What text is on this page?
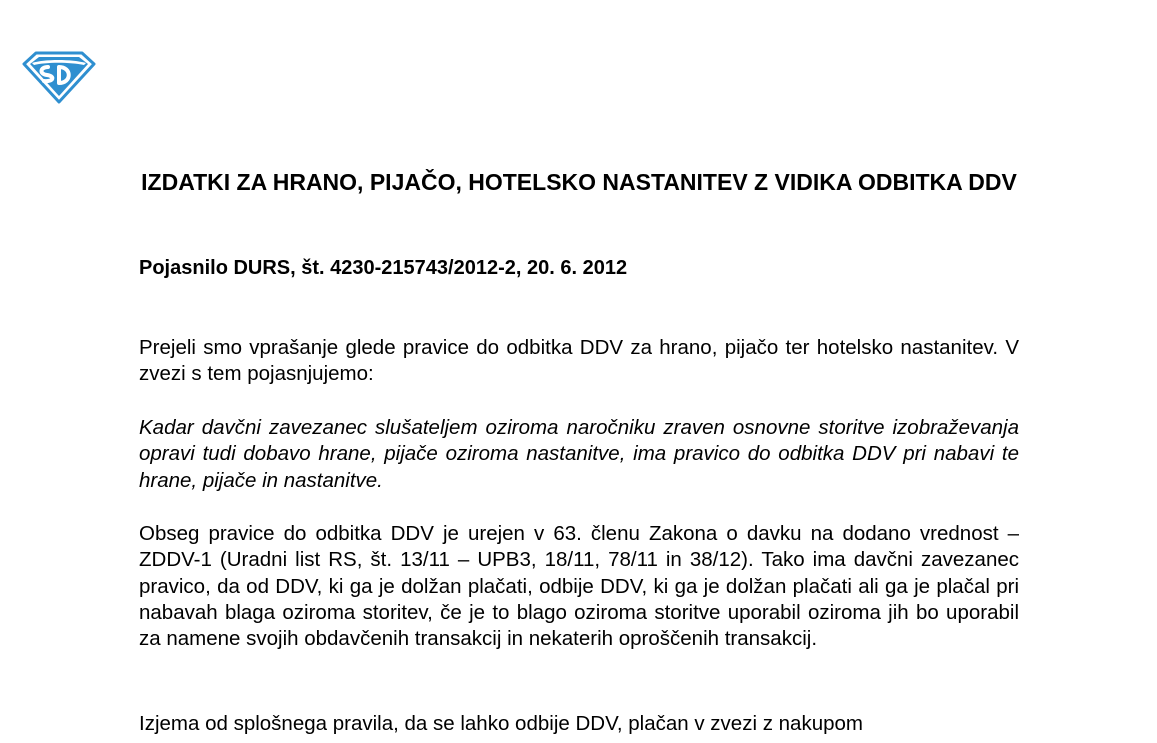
IZDATKI ZA HRANO, PIJAČO, HOTELSKO NASTANITEV Z VIDIKA ODBITKA DDV

Pojasnilo DURS, št. 4230-215743/2012-2, 20. 6. 2012

Prejeli smo vprašanje glede pravice do odbitka DDV za hrano, pijačo ter hotelsko nastanitev. V zvezi s tem pojasnjujemo:

Kadar davčni zavezanec slušateljem oziroma naročniku zraven osnovne storitve izobraževanja opravi tudi dobavo hrane, pijače oziroma nastanitve, ima pravico do odbitka DDV pri nabavi te hrane, pijače in nastanitve.

Obseg pravice do odbitka DDV je urejen v 63. členu Zakona o davku na dodano vrednost – ZDDV-1 (Uradni list RS, št. 13/11 – UPB3, 18/11, 78/11 in 38/12). Tako ima davčni zavezanec pravico, da od DDV, ki ga je dolžan plačati, odbije DDV, ki ga je dolžan plačati ali ga je plačal pri nabavah blaga oziroma storitev, če je to blago oziroma storitve uporabil oziroma jih bo uporabil za namene svojih obdavčenih transakcij in nekaterih oproščenih transakcij.

Izjema od splošnega pravila, da se lahko odbije DDV, plačan v zvezi z nakupom
